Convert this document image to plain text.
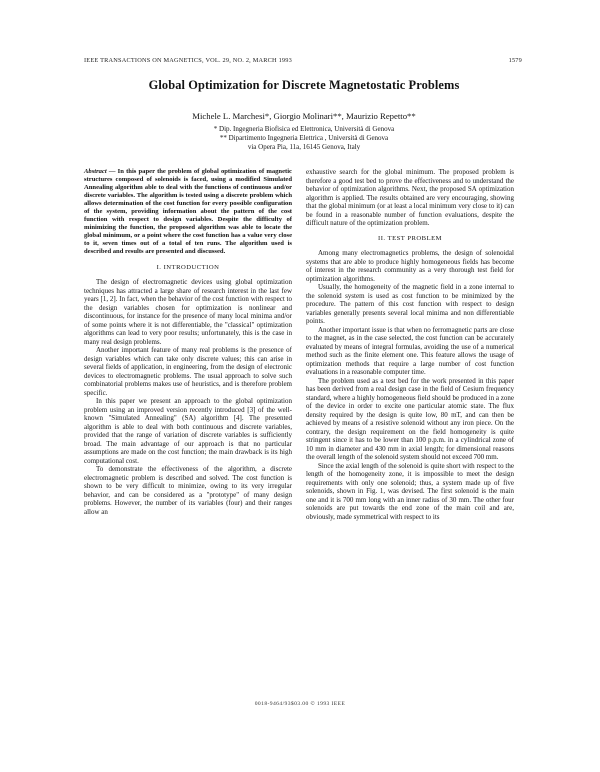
IEEE TRANSACTIONS ON MAGNETICS, VOL. 29, NO. 2, MARCH 1993	1579
Global Optimization for Discrete Magnetostatic Problems
Michele L. Marchesi*, Giorgio Molinari**, Maurizio Repetto**
* Dip. Ingegneria Biofisica ed Elettronica, Università di Genova
** Dipartimento Ingegneria Elettrica , Università di Genova
via Opera Pia, 11a, 16145 Genova, Italy
Abstract — In this paper the problem of global optimization of magnetic structures composed of solenoids is faced, using a modified Simulated Annealing algorithm able to deal with the functions of continuous and/or discrete variables. The algorithm is tested using a discrete problem which allows determination of the cost function for every possible configuration of the system, providing information about the pattern of the cost function with respect to design variables. Despite the difficulty of minimizing the function, the proposed algorithm was able to locate the global minimum, or a point where the cost function has a value very close to it, seven times out of a total of ten runs. The algorithm used is described and results are presented and discussed.
I. INTRODUCTION

The design of electromagnetic devices using global optimization techniques has attracted a large share of research interest in the last few years [1, 2]. In fact, when the behavior of the cost function with respect to the design variables chosen for optimization is nonlinear and discontinuous, for instance for the presence of many local minima and/or of some points where it is not differentiable, the "classical" optimization algorithms can lead to very poor results; unfortunately, this is the case in many real design problems.

Another important feature of many real problems is the presence of design variables which can take only discrete values; this can arise in several fields of application, in engineering, from the design of electronic devices to electromagnetic problems. The usual approach to solve such combinatorial problems makes use of heuristics, and is therefore problem specific.

In this paper we present an approach to the global optimization problem using an improved version recently introduced [3] of the well-known "Simulated Annealing" (SA) algorithm [4]. The presented algorithm is able to deal with both continuous and discrete variables, provided that the range of variation of discrete variables is sufficiently broad. The main advantage of our approach is that no particular assumptions are made on the cost function; the main drawback is its high computational cost.

To demonstrate the effectiveness of the algorithm, a discrete electromagnetic problem is described and solved. The cost function is shown to be very difficult to minimize, owing to its very irregular behavior, and can be considered as a "prototype" of many design problems. However, the number of its variables (four) and their ranges allow an

exhaustive search for the global minimum. The proposed problem is therefore a good test bed to prove the effectiveness and to understand the behavior of optimization algorithms. Next, the proposed SA optimization algorithm is applied. The results obtained are very encouraging, showing that the global minimum (or at least a local minimum very close to it) can be found in a reasonable number of function evaluations, despite the difficult nature of the optimization problem.

II. TEST PROBLEM

Among many electromagnetics problems, the design of solenoidal systems that are able to produce highly homogeneous fields has become of interest in the research community as a very thorough test field for optimization algorithms.

Usually, the homogeneity of the magnetic field in a zone internal to the solenoid system is used as cost function to be minimized by the procedure. The pattern of this cost function with respect to design variables generally presents several local minima and non differentiable points.

Another important issue is that when no ferromagnetic parts are close to the magnet, as in the case selected, the cost function can be accurately evaluated by means of integral formulas, avoiding the use of a numerical method such as the finite element one. This feature allows the usage of optimization methods that require a large number of cost function evaluations in a reasonable computer time.

The problem used as a test bed for the work presented in this paper has been derived from a real design case in the field of Cesium frequency standard, where a highly homogeneous field should be produced in a zone of the device in order to excite one particular atomic state. The flux density required by the design is quite low, 80 mT, and can then be achieved by means of a resistive solenoid without any iron piece. On the contrary, the design requirement on the field homogeneity is quite stringent since it has to be lower than 100 p.p.m. in a cylindrical zone of 10 mm in diameter and 430 mm in axial length; for dimensional reasons the overall length of the solenoid system should not exceed 700 mm.

Since the axial length of the solenoid is quite short with respect to the length of the homogeneity zone, it is impossible to meet the design requirements with only one solenoid; thus, a system made up of five solenoids, shown in Fig. 1, was devised. The first solenoid is the main one and it is 700 mm long with an inner radius of 30 mm. The other four solenoids are put towards the end zone of the main coil and are, obviously, made symmetrical with respect to its

0018-9464/93$03.00 © 1993 IEEE
